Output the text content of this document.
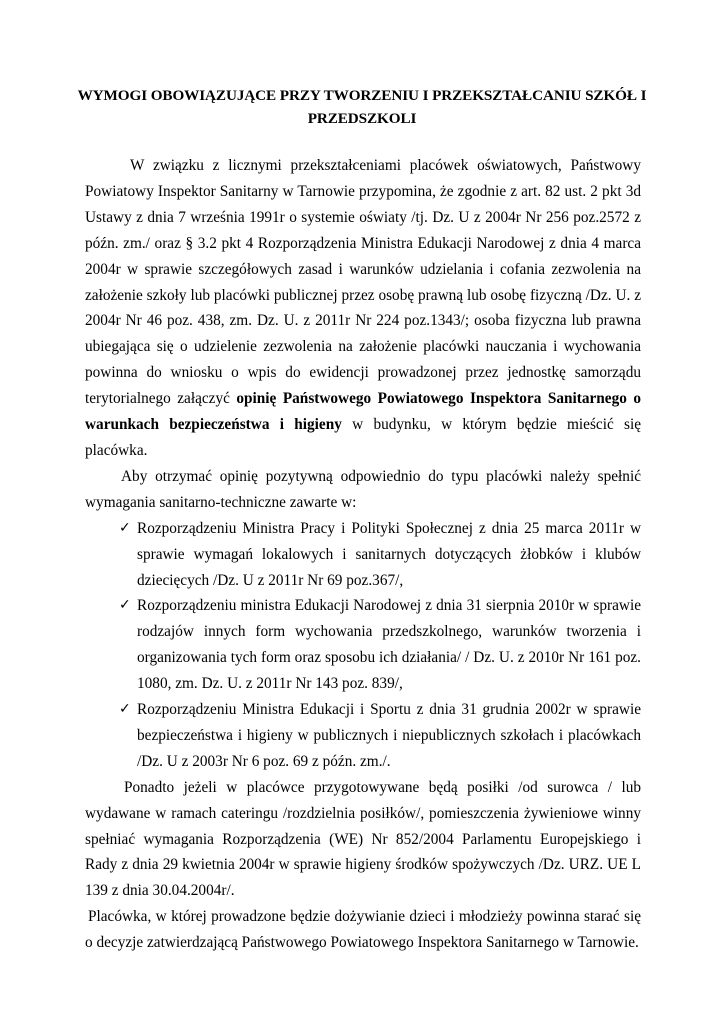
WYMOGI OBOWIĄZUJĄCE PRZY TWORZENIU I PRZEKSZTAŁCANIU SZKÓŁ I PRZEDSZKOLI

W związku z licznymi przekształceniami placówek oświatowych, Państwowy Powiatowy Inspektor Sanitarny w Tarnowie przypomina, że zgodnie z art. 82 ust. 2 pkt 3d Ustawy z dnia 7 września 1991r o systemie oświaty /tj. Dz. U z 2004r Nr 256 poz.2572 z późn. zm./ oraz § 3.2 pkt 4 Rozporządzenia Ministra Edukacji Narodowej z dnia 4 marca 2004r w sprawie szczegółowych zasad i warunków udzielania i cofania zezwolenia na założenie szkoły lub placówki publicznej przez osobę prawną lub osobę fizyczną /Dz. U. z 2004r Nr 46 poz. 438, zm. Dz. U. z 2011r Nr 224 poz.1343/; osoba fizyczna lub prawna ubiegająca się o udzielenie zezwolenia na założenie placówki nauczania i wychowania powinna do wniosku o wpis do ewidencji prowadzonej przez jednostkę samorządu terytorialnego załączyć opinię Państwowego Powiatowego Inspektora Sanitarnego o warunkach bezpieczeństwa i higieny w budynku, w którym będzie mieścić się placówka.

Aby otrzymać opinię pozytywną odpowiednio do typu placówki należy spełnić wymagania sanitarno-techniczne zawarte w:

✓ Rozporządzeniu Ministra Pracy i Polityki Społecznej z dnia 25 marca 2011r w sprawie wymagań lokalowych i sanitarnych dotyczących żłobków i klubów dziecięcych /Dz. U z 2011r Nr 69 poz.367/,
✓ Rozporządzeniu ministra Edukacji Narodowej z dnia 31 sierpnia 2010r w sprawie rodzajów innych form wychowania przedszkolnego, warunków tworzenia i organizowania tych form oraz sposobu ich działania/ / Dz. U. z 2010r Nr 161 poz. 1080, zm. Dz. U. z 2011r Nr 143 poz. 839/,
✓ Rozporządzeniu Ministra Edukacji i Sportu z dnia 31 grudnia 2002r w sprawie bezpieczeństwa i higieny w publicznych i niepublicznych szkołach i placówkach /Dz. U z 2003r Nr 6 poz. 69 z późn. zm./.

Ponadto jeżeli w placówce przygotowywane będą posiłki /od surowca / lub wydawane w ramach cateringu /rozdzielnia posiłków/, pomieszczenia żywieniowe winny spełniać wymagania Rozporządzenia (WE) Nr 852/2004 Parlamentu Europejskiego i Rady z dnia 29 kwietnia 2004r w sprawie higieny środków spożywczych /Dz. URZ. UE L 139 z dnia 30.04.2004r/.

Placówka, w której prowadzone będzie dożywianie dzieci i młodzieży powinna starać się o decyzje zatwierdzającą Państwowego Powiatowego Inspektora Sanitarnego w Tarnowie.
